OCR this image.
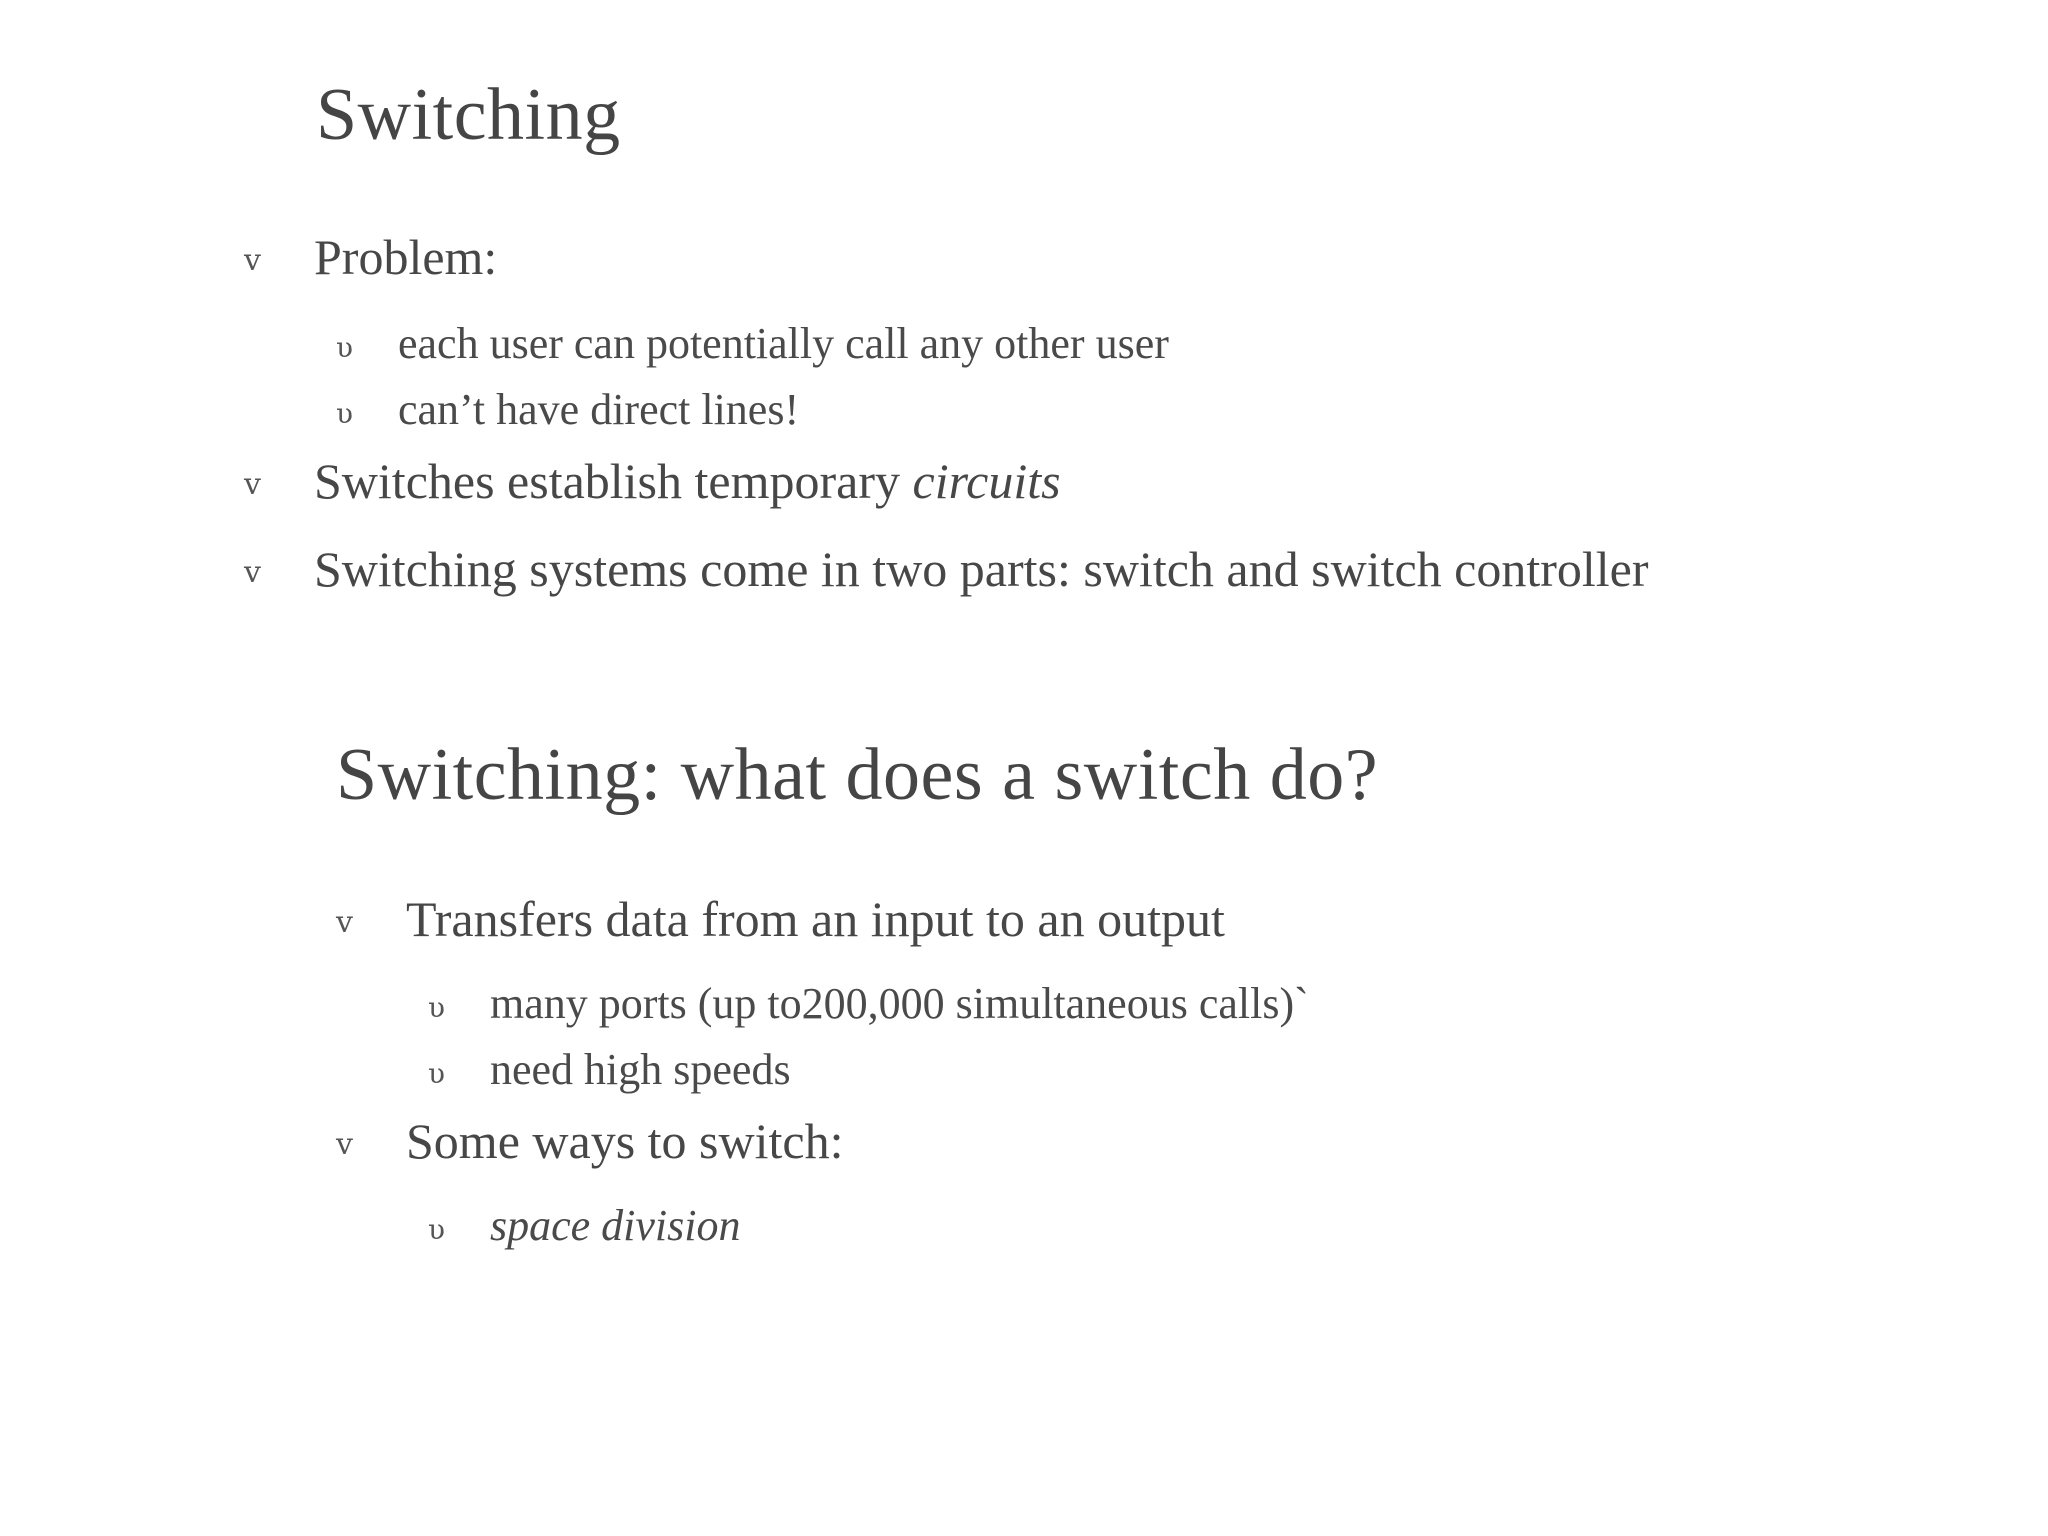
Switching
v Problem:
υ each user can potentially call any other user
υ can’t have direct lines!
v Switches establish temporary circuits
v Switching systems come in two parts: switch and switch controller
Switching: what does a switch do?
v Transfers data from an input to an output
υ many ports (up to200,000 simultaneous calls)`
υ need high speeds
v Some ways to switch:
υ space division
